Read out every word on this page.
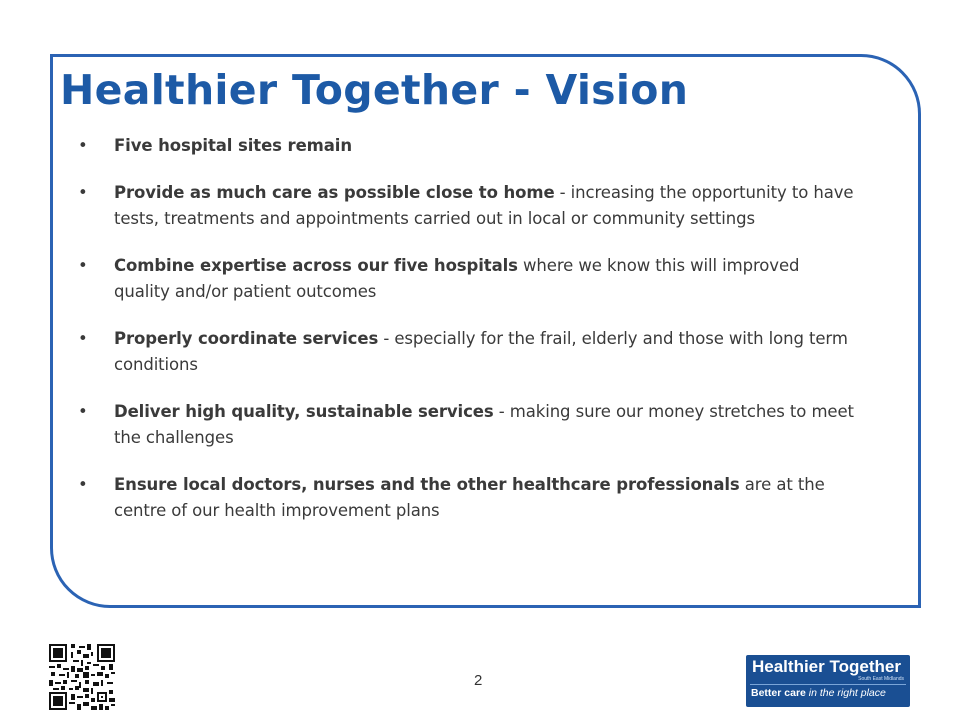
Healthier Together - Vision
• Five hospital sites remain
• Provide as much care as possible close to home - increasing the opportunity to have tests, treatments and appointments carried out in local or community settings
• Combine expertise across our five hospitals where we know this will improved quality and/or patient outcomes
• Properly coordinate services - especially for the frail, elderly and those with long term conditions
• Deliver high quality, sustainable services - making sure our money stretches to meet the challenges
• Ensure local doctors, nurses and the other healthcare professionals are at the centre of our health improvement plans
2
Healthier Together
South East Midlands
Better care in the right place
